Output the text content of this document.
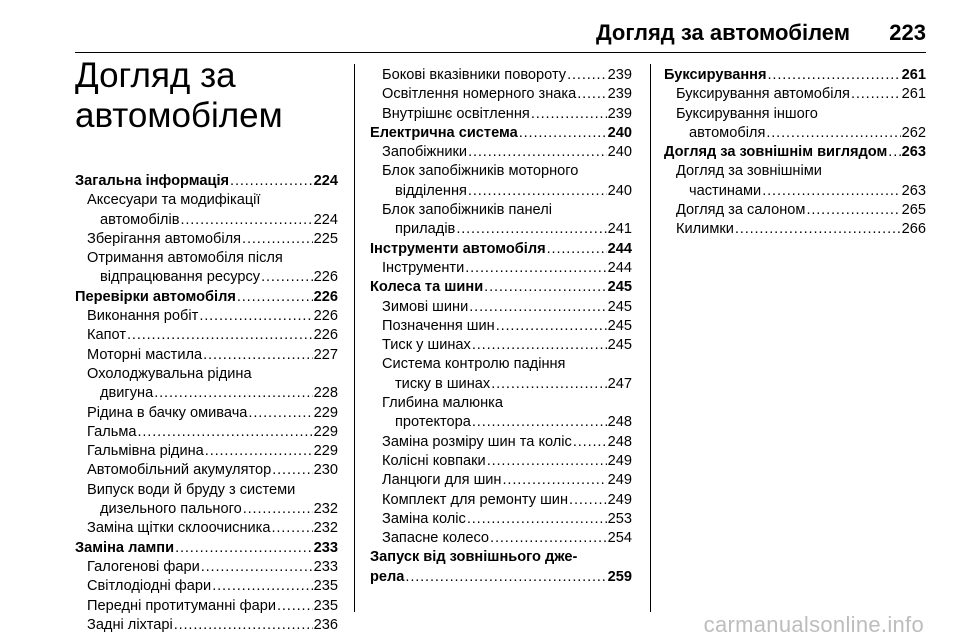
Догляд за автомобілем 223
Догляд за
автомобілем
Загальна інформація . . .	224
Аксесуари та модифікації
автомобілів . . .	224
Зберігання автомобіля . . .	225
Отримання автомобіля після
відпрацювання ресурсу . . .	226
Перевірки автомобіля . . .	226
Виконання робіт . . .	226
Капот . . .	226
Моторні мастила . . .	227
Охолоджувальна рідина
двигуна . . .	228
Рідина в бачку омивача . . .	229
Гальма . . .	229
Гальмівна рідина . . .	229
Автомобільний акумулятор . . .	230
Випуск води й бруду з системи
дизельного пального . . .	232
Заміна щітки склоочисника . . .	232
Заміна лампи . . .	233
Галогенові фари . . .	233
Світлодіодні фари . . .	235
Передні протитуманні фари . . .	235
Задні ліхтарі . . .	236
Бокові вказівники повороту . . .	239
Освітлення номерного знака . . . 239
Внутрішнє освітлення . . .	239
Електрична система . . .	240
Запобіжники . . .	240
Блок запобіжників моторного
відділення . . .	240
Блок запобіжників панелі
приладів . . .	241
Інструменти автомобіля . . .	244
Інструменти . . .	244
Колеса та шини . . .	245
Зимові шини . . .	245
Позначення шин . . .	245
Тиск у шинах . . .	245
Система контролю падіння
тиску в шинах . . .	247
Глибина малюнка
протектора . . .	248
Заміна розміру шин та коліс . . . 248
Колісні ковпаки . . .	249
Ланцюги для шин . . .	249
Комплект для ремонту шин . . .	249
Заміна коліс . . .	253
Запасне колесо . . .	254
Запуск від зовнішнього дже-
рела . . .	259
Буксирування . . .	261
Буксирування автомобіля . . .	261
Буксирування іншого
автомобіля . . .	262
Догляд за зовнішнім виглядом . . . 263
Догляд за зовнішніми
частинами . . .	263
Догляд за салоном . . .	265
Килимки . . .	266
carmanualsonline.info
